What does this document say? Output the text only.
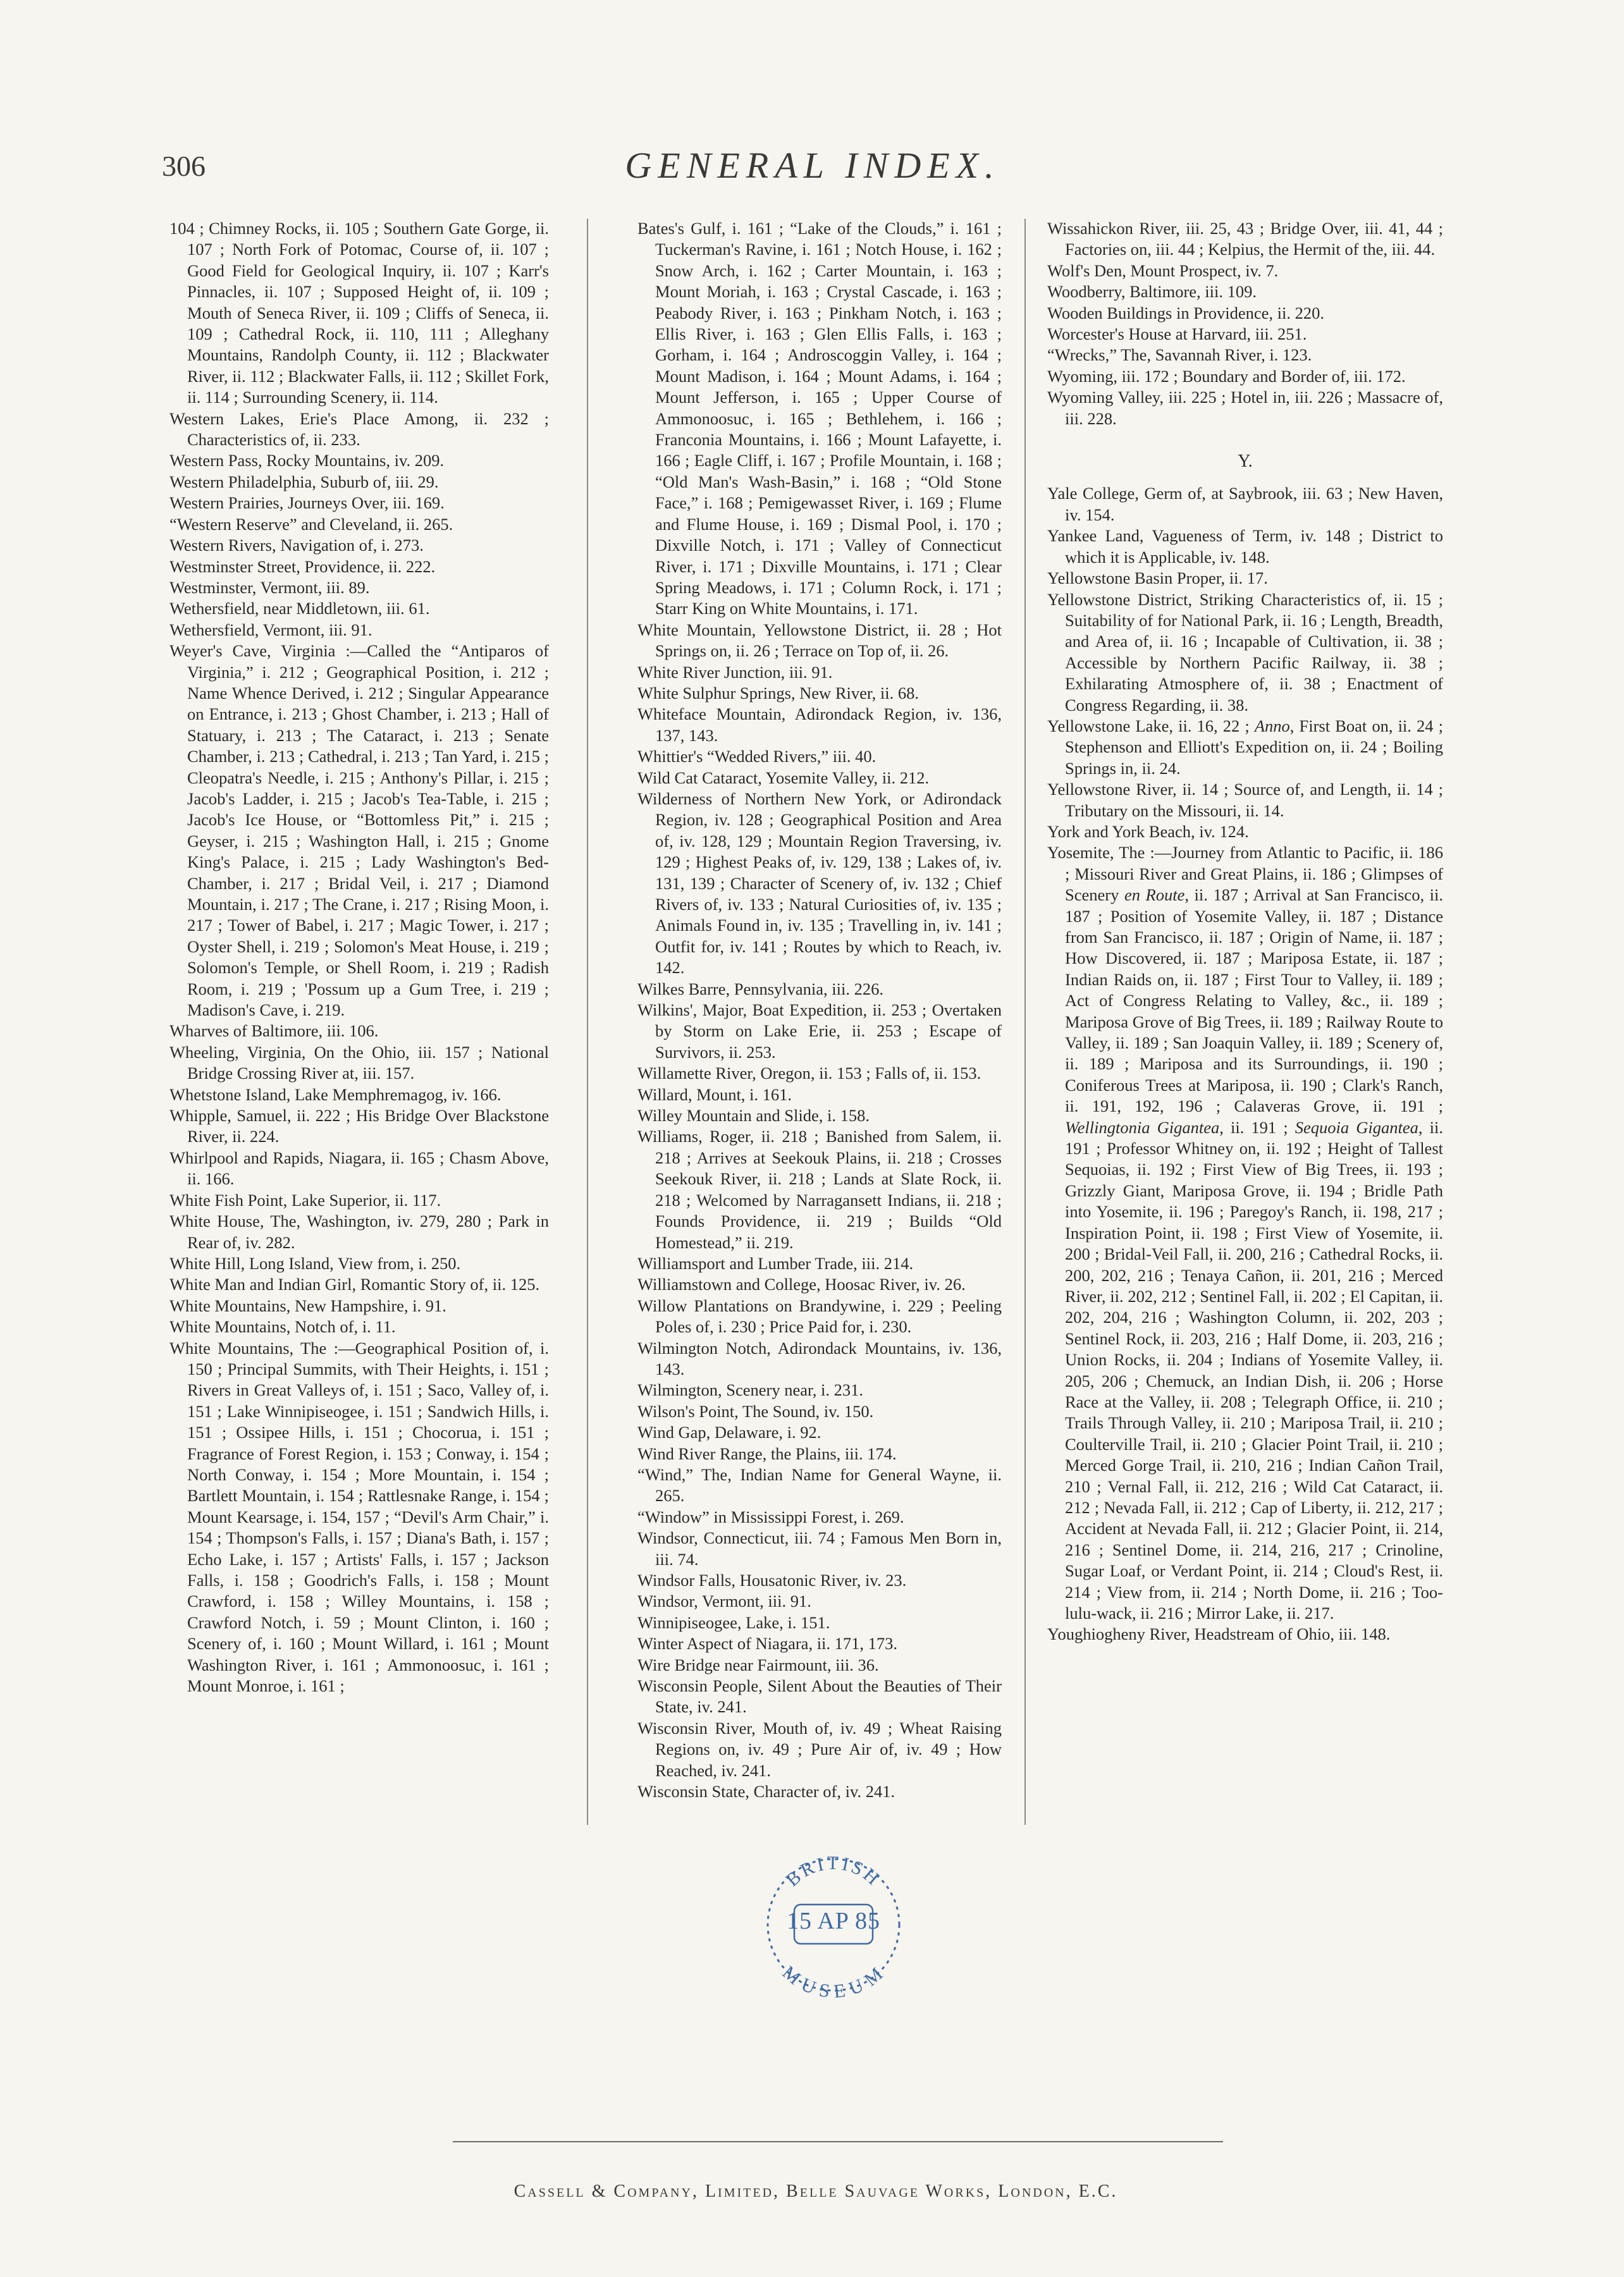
306	GENERAL INDEX.

104 ; Chimney Rocks, ii. 105 ; Southern Gate Gorge, ii. 107 ; North Fork of Potomac, Course of, ii. 107 ; Good Field for Geological Inquiry, ii. 107 ; Karr's Pinnacles, ii. 107 ; Supposed Height of, ii. 109 ; Mouth of Seneca River, ii. 109 ; Cliffs of Seneca, ii. 109 ; Cathedral Rock, ii. 110, 111 ; Alleghany Mountains, Randolph County, ii. 112 ; Blackwater River, ii. 112 ; Blackwater Falls, ii. 112 ; Skillet Fork, ii. 114 ; Surrounding Scenery, ii. 114.

Western Lakes, Erie's Place Among, ii. 232 ; Characteristics of, ii. 233.

Western Pass, Rocky Mountains, iv. 209.

Western Philadelphia, Suburb of, iii. 29.

Western Prairies, Journeys Over, iii. 169.

“Western Reserve” and Cleveland, ii. 265.

Western Rivers, Navigation of, i. 273.

Westminster Street, Providence, ii. 222.

Westminster, Vermont, iii. 89.

Wethersfield, near Middletown, iii. 61.

Wethersfield, Vermont, iii. 91.

Weyer's Cave, Virginia :—Called the “Antiparos of Virginia,” i. 212 ; Geographical Position, i. 212 ; Name Whence Derived, i. 212 ; Singular Appearance on Entrance, i. 213 ; Ghost Chamber, i. 213 ; Hall of Statuary, i. 213 ; The Cataract, i. 213 ; Senate Chamber, i. 213 ; Cathedral, i. 213 ; Tan Yard, i. 215 ; Cleopatra's Needle, i. 215 ; Anthony's Pillar, i. 215 ; Jacob's Ladder, i. 215 ; Jacob's Tea-Table, i. 215 ; Jacob's Ice House, or “Bottomless Pit,” i. 215 ; Geyser, i. 215 ; Washington Hall, i. 215 ; Gnome King's Palace, i. 215 ; Lady Washington's Bed-Chamber, i. 217 ; Bridal Veil, i. 217 ; Diamond Mountain, i. 217 ; The Crane, i. 217 ; Rising Moon, i. 217 ; Tower of Babel, i. 217 ; Magic Tower, i. 217 ; Oyster Shell, i. 219 ; Solomon's Meat House, i. 219 ; Solomon's Temple, or Shell Room, i. 219 ; Radish Room, i. 219 ; 'Possum up a Gum Tree, i. 219 ; Madison's Cave, i. 219.

Wharves of Baltimore, iii. 106.

Wheeling, Virginia, On the Ohio, iii. 157 ; National Bridge Crossing River at, iii. 157.

Whetstone Island, Lake Memphremagog, iv. 166.

Whipple, Samuel, ii. 222 ; His Bridge Over Blackstone River, ii. 224.

Whirlpool and Rapids, Niagara, ii. 165 ; Chasm Above, ii. 166.

White Fish Point, Lake Superior, ii. 117.

White House, The, Washington, iv. 279, 280 ; Park in Rear of, iv. 282.

White Hill, Long Island, View from, i. 250.

White Man and Indian Girl, Romantic Story of, ii. 125.

White Mountains, New Hampshire, i. 91.

White Mountains, Notch of, i. 11.

White Mountains, The :—Geographical Position of, i. 150 ; Principal Summits, with Their Heights, i. 151 ; Rivers in Great Valleys of, i. 151 ; Saco, Valley of, i. 151 ; Lake Winnipiseogee, i. 151 ; Sandwich Hills, i. 151 ; Ossipee Hills, i. 151 ; Chocorua, i. 151 ; Fragrance of Forest Region, i. 153 ; Conway, i. 154 ; North Conway, i. 154 ; More Mountain, i. 154 ; Bartlett Mountain, i. 154 ; Rattlesnake Range, i. 154 ; Mount Kearsage, i. 154, 157 ; “Devil's Arm Chair,” i. 154 ; Thompson's Falls, i. 157 ; Diana's Bath, i. 157 ; Echo Lake, i. 157 ; Artists' Falls, i. 157 ; Jackson Falls, i. 158 ; Goodrich's Falls, i. 158 ; Mount Crawford, i. 158 ; Willey Mountains, i. 158 ; Crawford Notch, i. 59 ; Mount Clinton, i. 160 ; Scenery of, i. 160 ; Mount Willard, i. 161 ; Mount Washington River, i. 161 ; Ammonoosuc, i. 161 ; Mount Monroe, i. 161 ;

Bates's Gulf, i. 161 ; “Lake of the Clouds,” i. 161 ; Tuckerman's Ravine, i. 161 ; Notch House, i. 162 ; Snow Arch, i. 162 ; Carter Mountain, i. 163 ; Mount Moriah, i. 163 ; Crystal Cascade, i. 163 ; Peabody River, i. 163 ; Pinkham Notch, i. 163 ; Ellis River, i. 163 ; Glen Ellis Falls, i. 163 ; Gorham, i. 164 ; Androscoggin Valley, i. 164 ; Mount Madison, i. 164 ; Mount Adams, i. 164 ; Mount Jefferson, i. 165 ; Upper Course of Ammonoosuc, i. 165 ; Bethlehem, i. 166 ; Franconia Mountains, i. 166 ; Mount Lafayette, i. 166 ; Eagle Cliff, i. 167 ; Profile Mountain, i. 168 ; “Old Man's Wash-Basin,” i. 168 ; “Old Stone Face,” i. 168 ; Pemigewasset River, i. 169 ; Flume and Flume House, i. 169 ; Dismal Pool, i. 170 ; Dixville Notch, i. 171 ; Valley of Connecticut River, i. 171 ; Dixville Mountains, i. 171 ; Clear Spring Meadows, i. 171 ; Column Rock, i. 171 ; Starr King on White Mountains, i. 171.

White Mountain, Yellowstone District, ii. 28 ; Hot Springs on, ii. 26 ; Terrace on Top of, ii. 26.

White River Junction, iii. 91.

White Sulphur Springs, New River, ii. 68.

Whiteface Mountain, Adirondack Region, iv. 136, 137, 143.

Whittier's “Wedded Rivers,” iii. 40.

Wild Cat Cataract, Yosemite Valley, ii. 212.

Wilderness of Northern New York, or Adirondack Region, iv. 128 ; Geographical Position and Area of, iv. 128, 129 ; Mountain Region Traversing, iv. 129 ; Highest Peaks of, iv. 129, 138 ; Lakes of, iv. 131, 139 ; Character of Scenery of, iv. 132 ; Chief Rivers of, iv. 133 ; Natural Curiosities of, iv. 135 ; Animals Found in, iv. 135 ; Travelling in, iv. 141 ; Outfit for, iv. 141 ; Routes by which to Reach, iv. 142.

Wilkes Barre, Pennsylvania, iii. 226.

Wilkins', Major, Boat Expedition, ii. 253 ; Overtaken by Storm on Lake Erie, ii. 253 ; Escape of Survivors, ii. 253.

Willamette River, Oregon, ii. 153 ; Falls of, ii. 153.

Willard, Mount, i. 161.

Willey Mountain and Slide, i. 158.

Williams, Roger, ii. 218 ; Banished from Salem, ii. 218 ; Arrives at Seekouk Plains, ii. 218 ; Crosses Seekouk River, ii. 218 ; Lands at Slate Rock, ii. 218 ; Welcomed by Narragansett Indians, ii. 218 ; Founds Providence, ii. 219 ; Builds “Old Homestead,” ii. 219.

Williamsport and Lumber Trade, iii. 214.

Williamstown and College, Hoosac River, iv. 26.

Willow Plantations on Brandywine, i. 229 ; Peeling Poles of, i. 230 ; Price Paid for, i. 230.

Wilmington Notch, Adirondack Mountains, iv. 136, 143.

Wilmington, Scenery near, i. 231.

Wilson's Point, The Sound, iv. 150.

Wind Gap, Delaware, i. 92.

Wind River Range, the Plains, iii. 174.

“Wind,” The, Indian Name for General Wayne, ii. 265.

“Window” in Mississippi Forest, i. 269.

Windsor, Connecticut, iii. 74 ; Famous Men Born in, iii. 74.

Windsor Falls, Housatonic River, iv. 23.

Windsor, Vermont, iii. 91.

Winnipiseogee, Lake, i. 151.

Winter Aspect of Niagara, ii. 171, 173.

Wire Bridge near Fairmount, iii. 36.

Wisconsin People, Silent About the Beauties of Their State, iv. 241.

Wisconsin River, Mouth of, iv. 49 ; Wheat Raising Regions on, iv. 49 ; Pure Air of, iv. 49 ; How Reached, iv. 241.

Wisconsin State, Character of, iv. 241.

Wissahickon River, iii. 25, 43 ; Bridge Over, iii. 41, 44 ; Factories on, iii. 44 ; Kelpius, the Hermit of the, iii. 44.

Wolf's Den, Mount Prospect, iv. 7.

Woodberry, Baltimore, iii. 109.

Wooden Buildings in Providence, ii. 220.

Worcester's House at Harvard, iii. 251.

“Wrecks,” The, Savannah River, i. 123.

Wyoming, iii. 172 ; Boundary and Border of, iii. 172.

Wyoming Valley, iii. 225 ; Hotel in, iii. 226 ; Massacre of, iii. 228.

Y.

Yale College, Germ of, at Saybrook, iii. 63 ; New Haven, iv. 154.

Yankee Land, Vagueness of Term, iv. 148 ; District to which it is Applicable, iv. 148.

Yellowstone Basin Proper, ii. 17.

Yellowstone District, Striking Characteristics of, ii. 15 ; Suitability of for National Park, ii. 16 ; Length, Breadth, and Area of, ii. 16 ; Incapable of Cultivation, ii. 38 ; Accessible by Northern Pacific Railway, ii. 38 ; Exhilarating Atmosphere of, ii. 38 ; Enactment of Congress Regarding, ii. 38.

Yellowstone Lake, ii. 16, 22 ; Anno, First Boat on, ii. 24 ; Stephenson and Elliott's Expedition on, ii. 24 ; Boiling Springs in, ii. 24.

Yellowstone River, ii. 14 ; Source of, and Length, ii. 14 ; Tributary on the Missouri, ii. 14.

York and York Beach, iv. 124.

Yosemite, The :—Journey from Atlantic to Pacific, ii. 186 ; Missouri River and Great Plains, ii. 186 ; Glimpses of Scenery en Route, ii. 187 ; Arrival at San Francisco, ii. 187 ; Position of Yosemite Valley, ii. 187 ; Distance from San Francisco, ii. 187 ; Origin of Name, ii. 187 ; How Discovered, ii. 187 ; Mariposa Estate, ii. 187 ; Indian Raids on, ii. 187 ; First Tour to Valley, ii. 189 ; Act of Congress Relating to Valley, &c., ii. 189 ; Mariposa Grove of Big Trees, ii. 189 ; Railway Route to Valley, ii. 189 ; San Joaquin Valley, ii. 189 ; Scenery of, ii. 189 ; Mariposa and its Surroundings, ii. 190 ; Coniferous Trees at Mariposa, ii. 190 ; Clark's Ranch, ii. 191, 192, 196 ; Calaveras Grove, ii. 191 ; Wellingtonia Gigantea, ii. 191 ; Sequoia Gigantea, ii. 191 ; Professor Whitney on, ii. 192 ; Height of Tallest Sequoias, ii. 192 ; First View of Big Trees, ii. 193 ; Grizzly Giant, Mariposa Grove, ii. 194 ; Bridle Path into Yosemite, ii. 196 ; Paregoy's Ranch, ii. 198, 217 ; Inspiration Point, ii. 198 ; First View of Yosemite, ii. 200 ; Bridal-Veil Fall, ii. 200, 216 ; Cathedral Rocks, ii. 200, 202, 216 ; Tenaya Cañon, ii. 201, 216 ; Merced River, ii. 202, 212 ; Sentinel Fall, ii. 202 ; El Capitan, ii. 202, 204, 216 ; Washington Column, ii. 202, 203 ; Sentinel Rock, ii. 203, 216 ; Half Dome, ii. 203, 216 ; Union Rocks, ii. 204 ; Indians of Yosemite Valley, ii. 205, 206 ; Chemuck, an Indian Dish, ii. 206 ; Horse Race at the Valley, ii. 208 ; Telegraph Office, ii. 210 ; Trails Through Valley, ii. 210 ; Mariposa Trail, ii. 210 ; Coulterville Trail, ii. 210 ; Glacier Point Trail, ii. 210 ; Merced Gorge Trail, ii. 210, 216 ; Indian Cañon Trail, 210 ; Vernal Fall, ii. 212, 216 ; Wild Cat Cataract, ii. 212 ; Nevada Fall, ii. 212 ; Cap of Liberty, ii. 212, 217 ; Accident at Nevada Fall, ii. 212 ; Glacier Point, ii. 214, 216 ; Sentinel Dome, ii. 214, 216, 217 ; Crinoline, Sugar Loaf, or Verdant Point, ii. 214 ; Cloud's Rest, ii. 214 ; View from, ii. 214 ; North Dome, ii. 216 ; Too-lulu-wack, ii. 216 ; Mirror Lake, ii. 217.

Youghiogheny River, Headstream of Ohio, iii. 148.

BRITISH
MUSEUM
15 AP 85
Cassell & Company, Limited, Belle Sauvage Works, London, E.C.
